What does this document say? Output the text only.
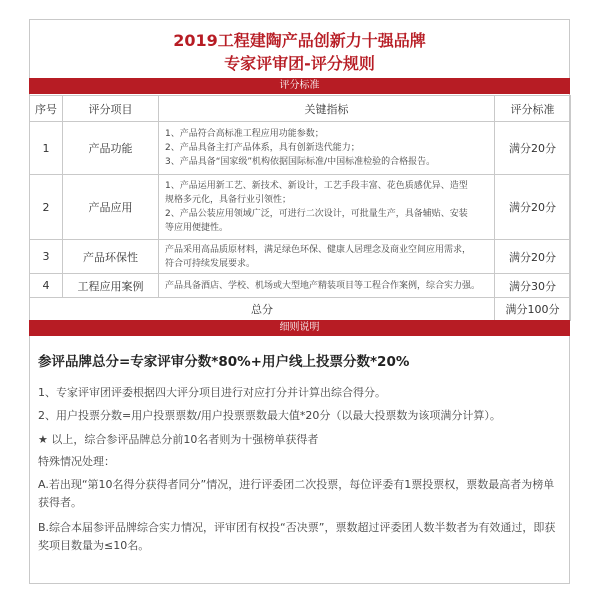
2019工程建陶产品创新力十强品牌
专家评审团-评分规则
评分标准
序号	评分项目	关键指标	评分标准
1	产品功能	1、产品符合高标准工程应用功能参数；
2、产品具备主打产品体系，具有创新迭代能力；
3、产品具备“国家级”机构依据国际标准/中国标准检验的合格报告。	满分20分
2	产品应用	1、产品运用新工艺、新技术、新设计，工艺手段丰富、花色质感优异、造型
规格多元化，具备行业引领性；
2、产品公装应用领域广泛，可进行二次设计，可批量生产，具备辅贴、安装
等应用便捷性。	满分20分
3	产品环保性	产品采用高品质原材料，满足绿色环保、健康人居理念及商业空间应用需求，
符合可持续发展要求。	满分20分
4	工程应用案例	产品具备酒店、学校、机场或大型地产精装项目等工程合作案例，综合实力强。	满分30分
总分			满分100分
细则说明
参评品牌总分=专家评审分数*80%+用户线上投票分数*20%
1、专家评审团评委根据四大评分项目进行对应打分并计算出综合得分。
2、用户投票分数=用户投票票数/用户投票票数最大值*20分（以最大投票数为该项满分计算）。
★ 以上，综合参评品牌总分前10名者则为十强榜单获得者
特殊情况处理：
A.若出现“第10名得分获得者同分”情况，进行评委团二次投票，每位评委有1票投票权，票数最高者为榜单获得者。
B.综合本届参评品牌综合实力情况，评审团有权投“否决票”，票数超过评委团人数半数者为有效通过，即获奖项目数量为≤10名。
